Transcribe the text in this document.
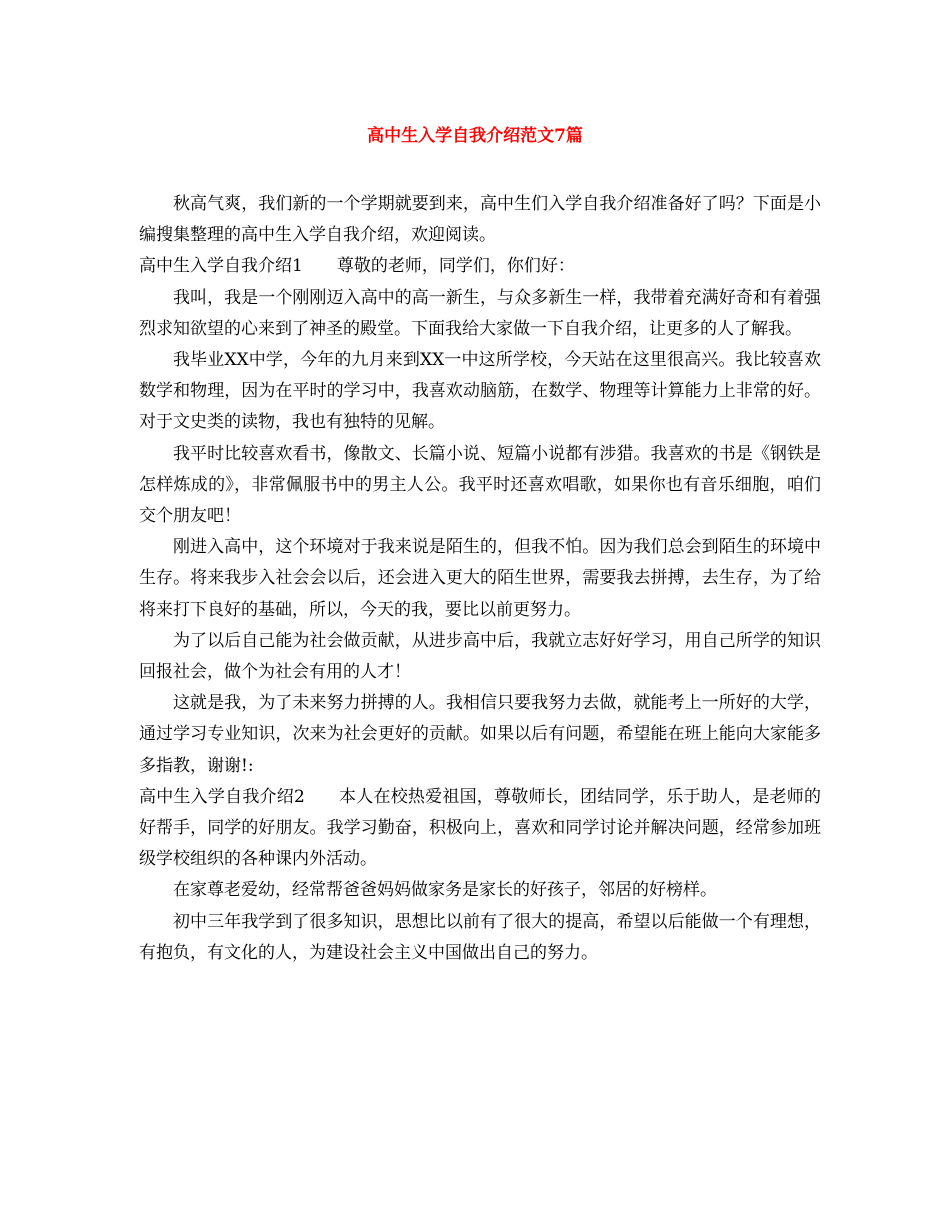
高中生入学自我介绍范文7篇

秋高气爽，我们新的一个学期就要到来，高中生们入学自我介绍准备好了吗？下面是小编搜集整理的高中生入学自我介绍，欢迎阅读。

高中生入学自我介绍1 尊敬的老师，同学们，你们好：

我叫，我是一个刚刚迈入高中的高一新生，与众多新生一样，我带着充满好奇和有着强烈求知欲望的心来到了神圣的殿堂。下面我给大家做一下自我介绍，让更多的人了解我。

我毕业XX中学，今年的九月来到XX一中这所学校，今天站在这里很高兴。我比较喜欢数学和物理，因为在平时的学习中，我喜欢动脑筋，在数学、物理等计算能力上非常的好。对于文史类的读物，我也有独特的见解。

我平时比较喜欢看书，像散文、长篇小说、短篇小说都有涉猎。我喜欢的书是《钢铁是怎样炼成的》，非常佩服书中的男主人公。我平时还喜欢唱歌，如果你也有音乐细胞，咱们交个朋友吧！

刚进入高中，这个环境对于我来说是陌生的，但我不怕。因为我们总会到陌生的环境中生存。将来我步入社会会以后，还会进入更大的陌生世界，需要我去拼搏，去生存，为了给将来打下良好的基础，所以，今天的我，要比以前更努力。

为了以后自己能为社会做贡献，从进步高中后，我就立志好好学习，用自己所学的知识回报社会，做个为社会有用的人才！

这就是我，为了未来努力拼搏的人。我相信只要我努力去做，就能考上一所好的大学，通过学习专业知识，次来为社会更好的贡献。如果以后有问题，希望能在班上能向大家能多多指教，谢谢!:

高中生入学自我介绍2 本人在校热爱祖国，尊敬师长，团结同学，乐于助人，是老师的好帮手，同学的好朋友。我学习勤奋，积极向上，喜欢和同学讨论并解决问题，经常参加班级学校组织的各种课内外活动。

在家尊老爱幼，经常帮爸爸妈妈做家务是家长的好孩子，邻居的好榜样。

初中三年我学到了很多知识，思想比以前有了很大的提高，希望以后能做一个有理想，有抱负，有文化的人，为建设社会主义中国做出自己的努力。
